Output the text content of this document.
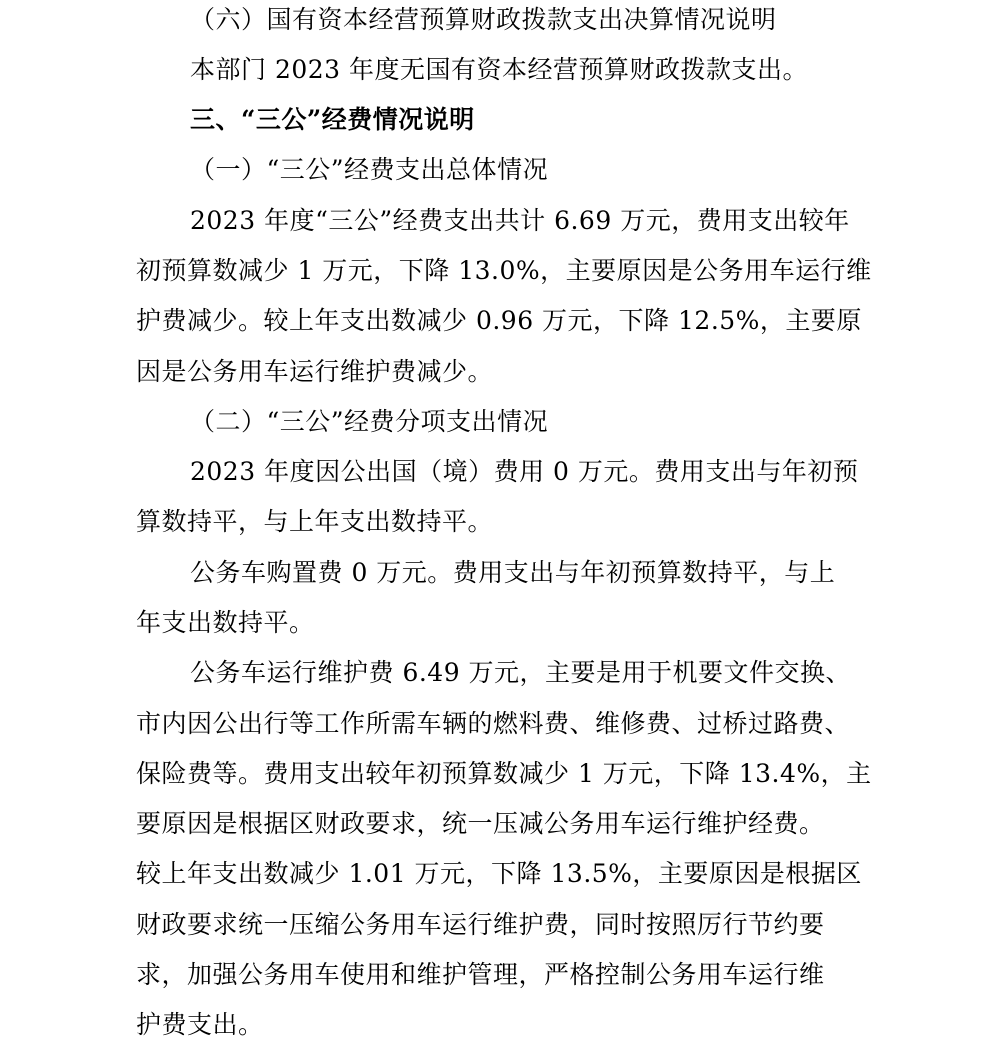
（六）国有资本经营预算财政拨款支出决算情况说明
本部门 2023 年度无国有资本经营预算财政拨款支出。
三、“三公”经费情况说明
（一）“三公”经费支出总体情况
2023 年度“三公”经费支出共计 6.69 万元，费用支出较年
初预算数减少 1 万元，下降 13.0%，主要原因是公务用车运行维
护费减少。较上年支出数减少 0.96 万元，下降 12.5%，主要原
因是公务用车运行维护费减少。
（二）“三公”经费分项支出情况
2023 年度因公出国（境）费用 0 万元。费用支出与年初预
算数持平，与上年支出数持平。
公务车购置费 0 万元。费用支出与年初预算数持平，与上
年支出数持平。
公务车运行维护费 6.49 万元，主要是用于机要文件交换、
市内因公出行等工作所需车辆的燃料费、维修费、过桥过路费、
保险费等。费用支出较年初预算数减少 1 万元，下降 13.4%，主
要原因是根据区财政要求，统一压减公务用车运行维护经费。
较上年支出数减少 1.01 万元，下降 13.5%，主要原因是根据区
财政要求统一压缩公务用车运行维护费，同时按照厉行节约要
求，加强公务用车使用和维护管理，严格控制公务用车运行维
护费支出。
